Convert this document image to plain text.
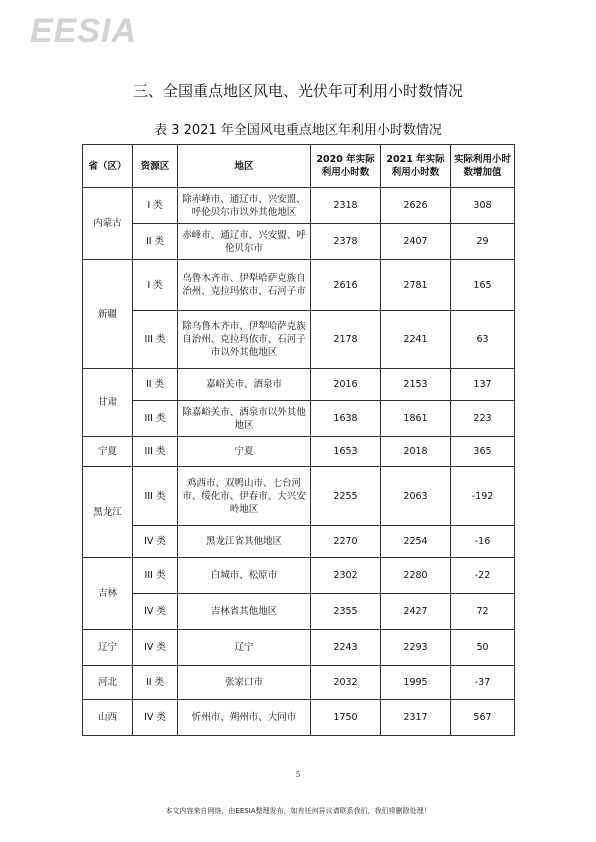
EESIA
三、全国重点地区风电、光伏年可利用小时数情况
表 3 2021 年全国风电重点地区年利用小时数情况
省（区）	资源区	地区	2020 年实际利用小时数	2021 年实际利用小时数	实际利用小时数增加值
内蒙古	I 类	除赤峰市、通辽市、兴安盟、呼伦贝尔市以外其他地区	2318	2626	308
	II 类	赤峰市、通辽市、兴安盟、呼伦贝尔市	2378	2407	29
新疆	I 类	乌鲁木齐市、伊犁哈萨克族自治州、克拉玛依市、石河子市	2616	2781	165
	III 类	除乌鲁木齐市、伊犁哈萨克族自治州、克拉玛依市、石河子市以外其他地区	2178	2241	63
甘肃	II 类	嘉峪关市、酒泉市	2016	2153	137
	III 类	除嘉峪关市、酒泉市以外其他地区	1638	1861	223
宁夏	III 类	宁夏	1653	2018	365
黑龙江	III 类	鸡西市、双鸭山市、七台河市、绥化市、伊春市、大兴安岭地区	2255	2063	-192
	IV 类	黑龙江省其他地区	2270	2254	-16
吉林	III 类	白城市、松原市	2302	2280	-22
	IV 类	吉林省其他地区	2355	2427	72
辽宁	IV 类	辽宁	2243	2293	50
河北	II 类	张家口市	2032	1995	-37
山西	IV 类	忻州市、朔州市、大同市	1750	2317	567
5
本文内容来自网络，由EESIA整理发布，如有任何异议请联系我们，我们将删除处理！
